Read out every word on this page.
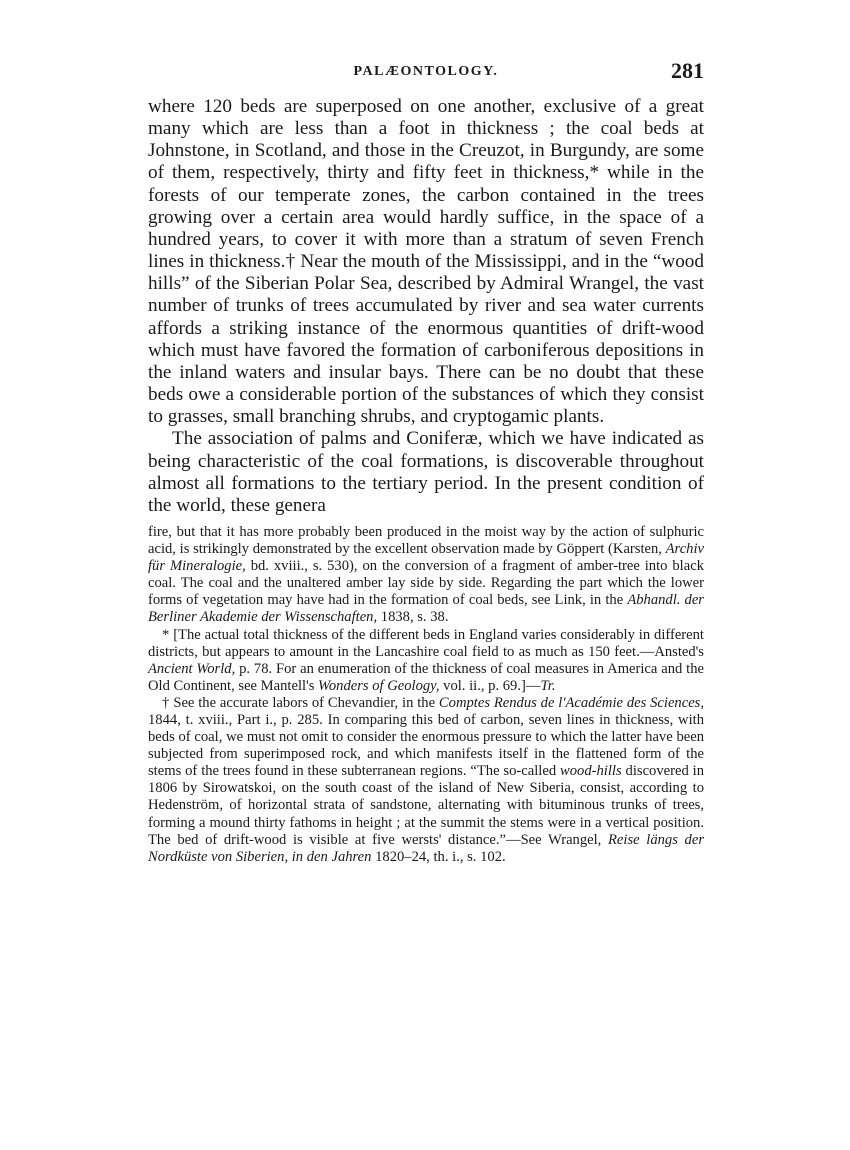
PALÆONTOLOGY.	281

where 120 beds are superposed on one another, exclusive of a great many which are less than a foot in thickness ; the coal beds at Johnstone, in Scotland, and those in the Creuzot, in Burgundy, are some of them, respectively, thirty and fifty feet in thickness,* while in the forests of our temperate zones, the carbon contained in the trees growing over a certain area would hardly suffice, in the space of a hundred years, to cover it with more than a stratum of seven French lines in thickness.† Near the mouth of the Mississippi, and in the “wood hills” of the Siberian Polar Sea, described by Admiral Wrangel, the vast number of trunks of trees accumulated by river and sea water currents affords a striking instance of the enormous quantities of drift-wood which must have favored the formation of carboniferous depositions in the inland waters and insular bays. There can be no doubt that these beds owe a considerable portion of the substances of which they consist to grasses, small branching shrubs, and cryptogamic plants.

The association of palms and Coniferæ, which we have indicated as being characteristic of the coal formations, is discoverable throughout almost all formations to the tertiary period. In the present condition of the world, these genera

fire, but that it has more probably been produced in the moist way by the action of sulphuric acid, is strikingly demonstrated by the excellent observation made by Göppert (Karsten, Archiv für Mineralogie, bd. xviii., s. 530), on the conversion of a fragment of amber-tree into black coal. The coal and the unaltered amber lay side by side. Regarding the part which the lower forms of vegetation may have had in the formation of coal beds, see Link, in the Abhandl. der Berliner Akademie der Wissenschaften, 1838, s. 38.

* [The actual total thickness of the different beds in England varies considerably in different districts, but appears to amount in the Lancashire coal field to as much as 150 feet.—Ansted's Ancient World, p. 78. For an enumeration of the thickness of coal measures in America and the Old Continent, see Mantell's Wonders of Geology, vol. ii., p. 69.]—Tr.

† See the accurate labors of Chevandier, in the Comptes Rendus de l'Académie des Sciences, 1844, t. xviii., Part i., p. 285. In comparing this bed of carbon, seven lines in thickness, with beds of coal, we must not omit to consider the enormous pressure to which the latter have been subjected from superimposed rock, and which manifests itself in the flattened form of the stems of the trees found in these subterranean regions. “The so-called wood-hills discovered in 1806 by Sirowatskoi, on the south coast of the island of New Siberia, consist, according to Hedenström, of horizontal strata of sandstone, alternating with bituminous trunks of trees, forming a mound thirty fathoms in height ; at the summit the stems were in a vertical position. The bed of drift-wood is visible at five wersts' distance.”—See Wrangel, Reise längs der Nordküste von Siberien, in den Jahren 1820–24, th. i., s. 102.
